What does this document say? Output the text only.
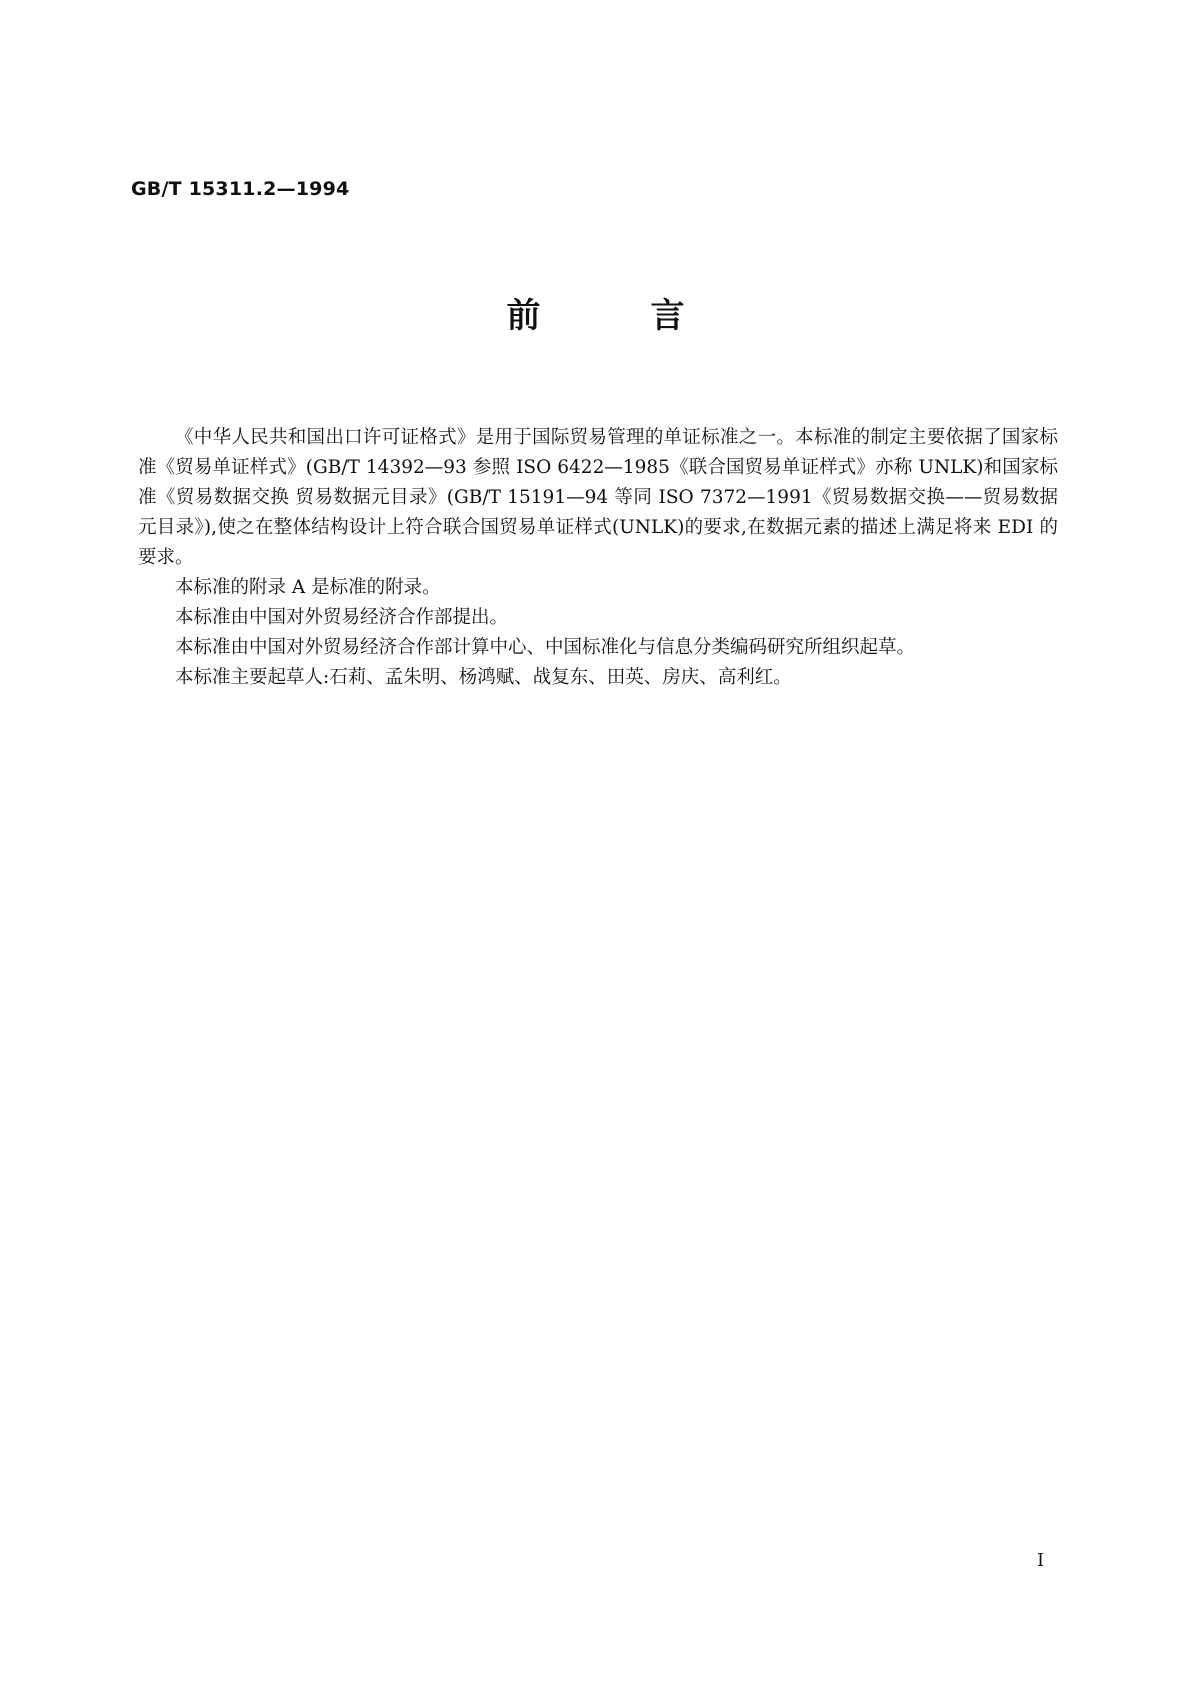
GB/T 15311.2—1994
前言

《中华人民共和国出口许可证格式》是用于国际贸易管理的单证标准之一。本标准的制定主要依据了国家标准《贸易单证样式》(GB/T 14392—93 参照 ISO 6422—1985《联合国贸易单证样式》亦称 UNLK)和国家标准《贸易数据交换 贸易数据元目录》(GB/T 15191—94 等同 ISO 7372—1991《贸易数据交换——贸易数据元目录》),使之在整体结构设计上符合联合国贸易单证样式(UNLK)的要求,在数据元素的描述上满足将来 EDI 的要求。

本标准的附录 A 是标准的附录。

本标准由中国对外贸易经济合作部提出。

本标准由中国对外贸易经济合作部计算中心、中国标准化与信息分类编码研究所组织起草。

本标准主要起草人:石莉、孟朱明、杨鸿赋、战复东、田英、房庆、高利红。

I
